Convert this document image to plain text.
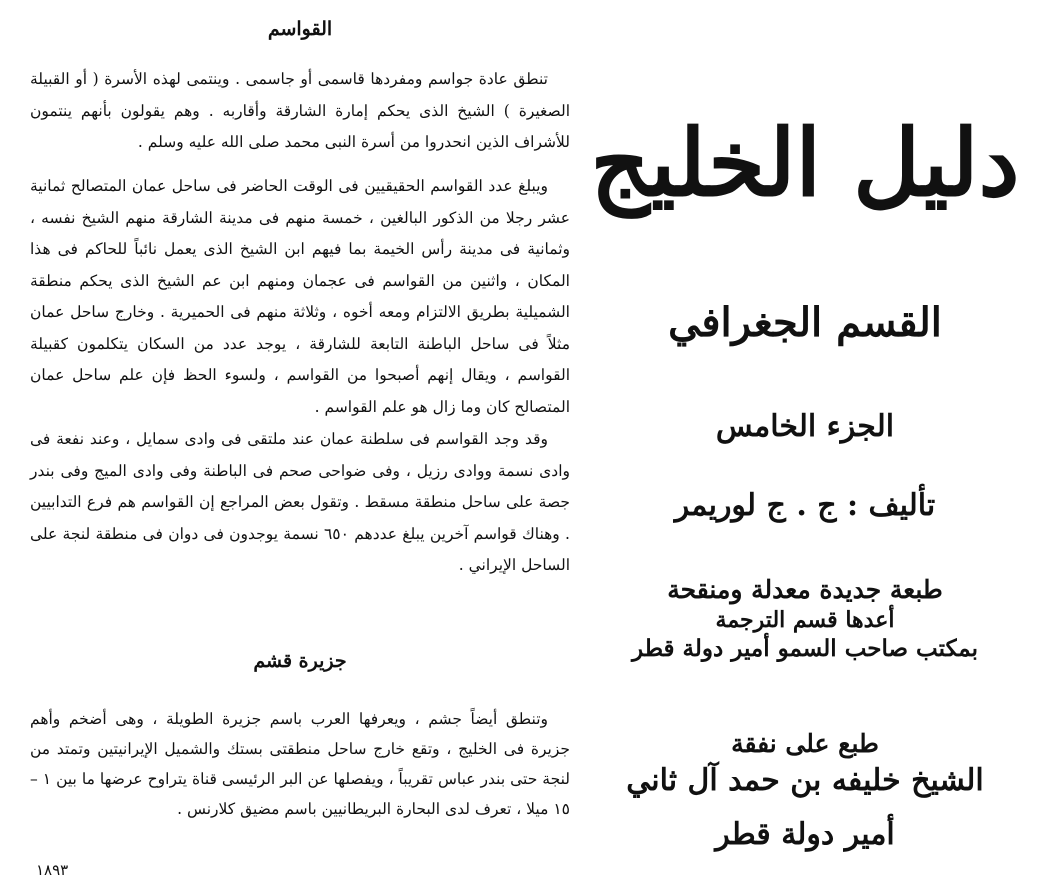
القواسم

تنطق عادة جواسم ومفردها قاسمى أو جاسمى . وينتمى لهذه الأسرة ( أو القبيلة الصغيرة ) الشيخ الذى يحكم إمارة الشارقة وأقاربه . وهم يقولون بأنهم ينتمون للأشراف الذين انحدروا من أسرة النبى محمد صلى الله عليه وسلم .

ويبلغ عدد القواسم الحقيقيين فى الوقت الحاضر فى ساحل عمان المتصالح ثمانية عشر رجلا من الذكور البالغين ، خمسة منهم فى مدينة الشارقة منهم الشيخ نفسه ، وثمانية فى مدينة رأس الخيمة بما فيهم ابن الشيخ الذى يعمل نائباً للحاكم فى هذا المكان ، واثنين من القواسم فى عجمان ومنهم ابن عم الشيخ الذى يحكم منطقة الشميلية بطريق الالتزام ومعه أخوه ، وثلاثة منهم فى الحميرية . وخارج ساحل عمان مثلاً فى ساحل الباطنة التابعة للشارقة ، يوجد عدد من السكان يتكلمون كقبيلة القواسم ، ويقال إنهم أصبحوا من القواسم ، ولسوء الحظ فإن علم ساحل عمان المتصالح كان وما زال هو علم القواسم .

وقد وجد القواسم فى سلطنة عمان عند ملتقى فى وادى سمايل ، وعند نفعة فى وادى نسمة ووادى رزيل ، وفى ضواحى صحم فى الباطنة وفى وادى الميج وفى بندر جصة على ساحل منطقة مسقط . وتقول بعض المراجع إن القواسم هم فرع التدابيين . وهناك قواسم آخرين يبلغ عددهم ٦٥٠ نسمة يوجدون فى دوان فى منطقة لنجة على الساحل الإيراني .

جزيرة قشم

وتنطق أيضاً جشم ، ويعرفها العرب باسم جزيرة الطويلة ، وهى أضخم وأهم جزيرة فى الخليج ، وتقع خارج ساحل منطقتى بستك والشميل الإيرانيتين وتمتد من لنجة حتى بندر عباس تقريباً ، ويفصلها عن البر الرئيسى قناة يتراوح عرضها ما بين ١ – ١٥ ميلا ، تعرف لدى البحارة البريطانيين باسم مضيق كلارنس .

١٨٩٣
دليل الخليج
القسم الجغرافي
الجزء الخامس
تأليف : ج . ج لوريمر
طبعة جديدة معدلة ومنقحة
أعدها قسم الترجمة
بمكتب صاحب السمو أمير دولة قطر
طبع على نفقة
الشيخ خليفه بن حمد آل ثاني
أمير دولة قطر
